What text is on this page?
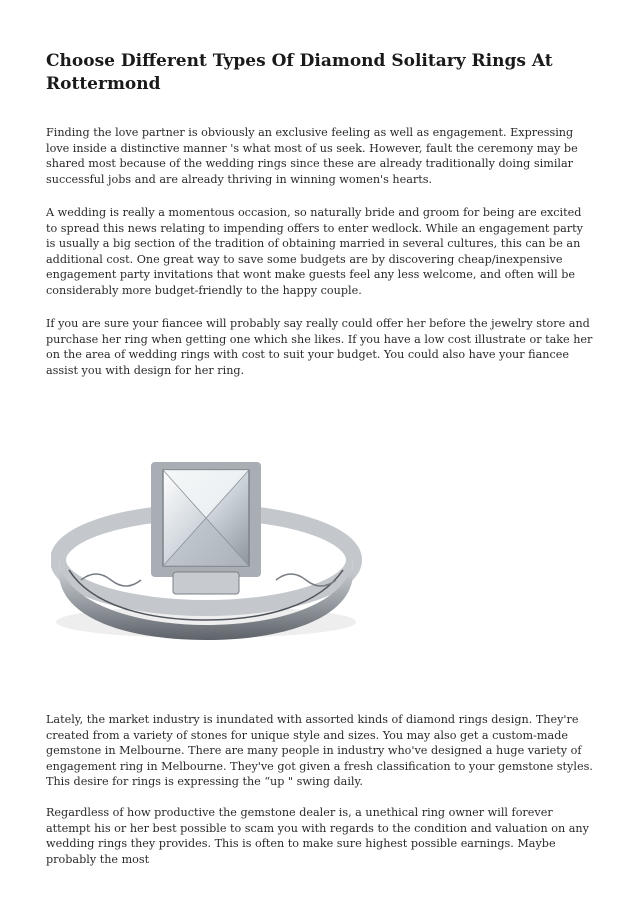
Choose Different Types Of Diamond Solitary Rings At Rottermond

Finding the love partner is obviously an exclusive feeling as well as engagement. Expressing love inside a distinctive manner 's what most of us seek. However, fault the ceremony may be shared most because of the wedding rings since these are already traditionally doing similar successful jobs and are already thriving in winning women's hearts.

A wedding is really a momentous occasion, so naturally bride and groom for being are excited to spread this news relating to impending offers to enter wedlock. While an engagement party is usually a big section of the tradition of obtaining married in several cultures, this can be an additional cost. One great way to save some budgets are by discovering cheap/inexpensive engagement party invitations that wont make guests feel any less welcome, and often will be considerably more budget-friendly to the happy couple.

If you are sure your fiancee will probably say really could offer her before the jewelry store and purchase her ring when getting one which she likes. If you have a low cost illustrate or take her on the area of wedding rings with cost to suit your budget. You could also have your fiancee assist you with design for her ring.

Lately, the market industry is inundated with assorted kinds of diamond rings design. They're created from a variety of stones for unique style and sizes. You may also get a custom-made gemstone in Melbourne. There are many people in industry who've designed a huge variety of engagement ring in Melbourne. They've got given a fresh classification to your gemstone styles. This desire for rings is expressing the “up " swing daily.

Regardless of how productive the gemstone dealer is, a unethical ring owner will forever attempt his or her best possible to scam you with regards to the condition and valuation on any wedding rings they provides. This is often to make sure highest possible earnings. Maybe probably the most
